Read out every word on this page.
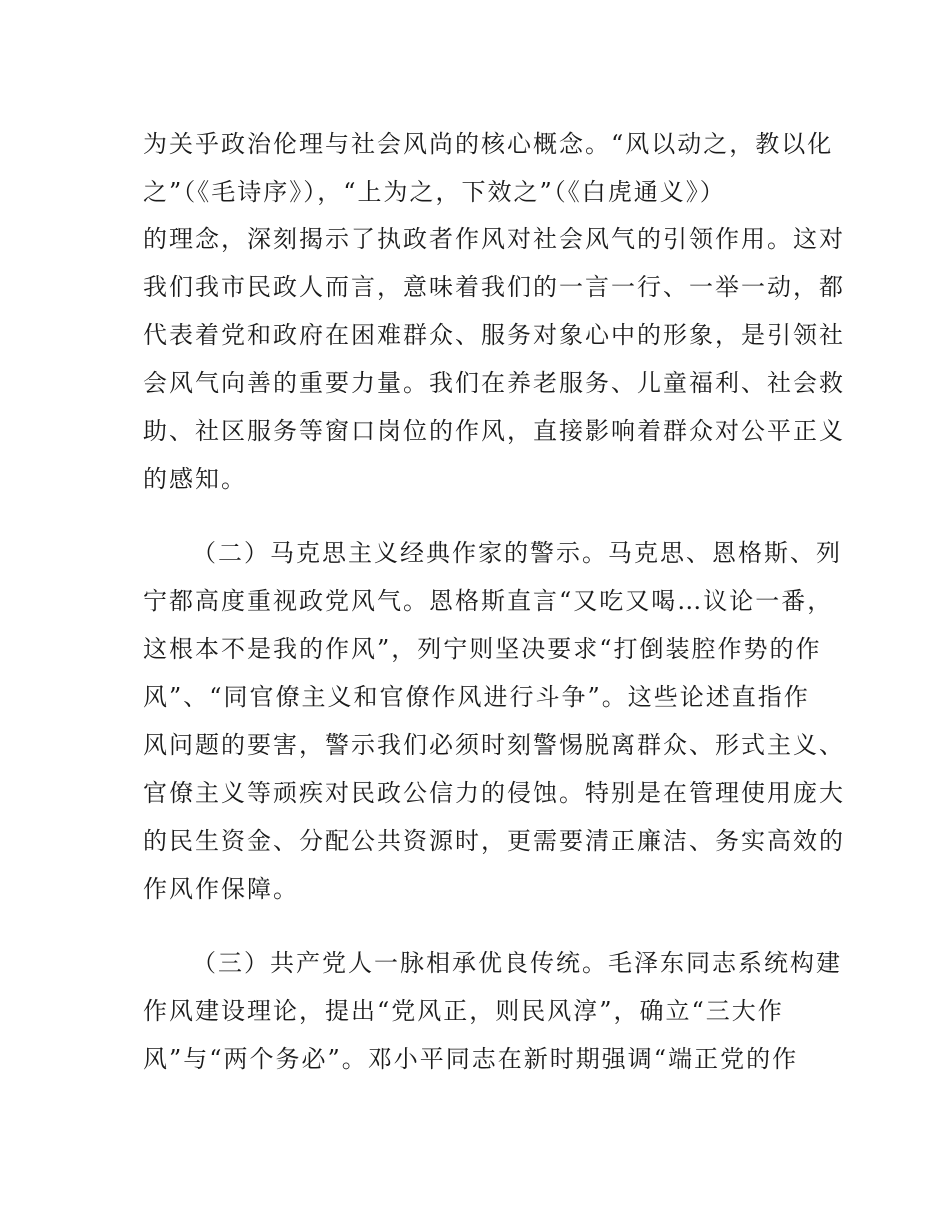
为关乎政治伦理与社会风尚的核心概念。“风以动之，教以化
之”（《毛诗序》），“上为之，下效之”（《白虎通义》）
的理念，深刻揭示了执政者作风对社会风气的引领作用。这对
我们我市民政人而言，意味着我们的一言一行、一举一动，都
代表着党和政府在困难群众、服务对象心中的形象，是引领社
会风气向善的重要力量。我们在养老服务、儿童福利、社会救
助、社区服务等窗口岗位的作风，直接影响着群众对公平正义
的感知。
（二）马克思主义经典作家的警示。马克思、恩格斯、列
宁都高度重视政党风气。恩格斯直言“又吃又喝…议论一番，
这根本不是我的作风”，列宁则坚决要求“打倒装腔作势的作
风”、“同官僚主义和官僚作风进行斗争”。这些论述直指作
风问题的要害，警示我们必须时刻警惕脱离群众、形式主义、
官僚主义等顽疾对民政公信力的侵蚀。特别是在管理使用庞大
的民生资金、分配公共资源时，更需要清正廉洁、务实高效的
作风作保障。
（三）共产党人一脉相承优良传统。毛泽东同志系统构建
作风建设理论，提出“党风正，则民风淳”，确立“三大作
风”与“两个务必”。邓小平同志在新时期强调“端正党的作
